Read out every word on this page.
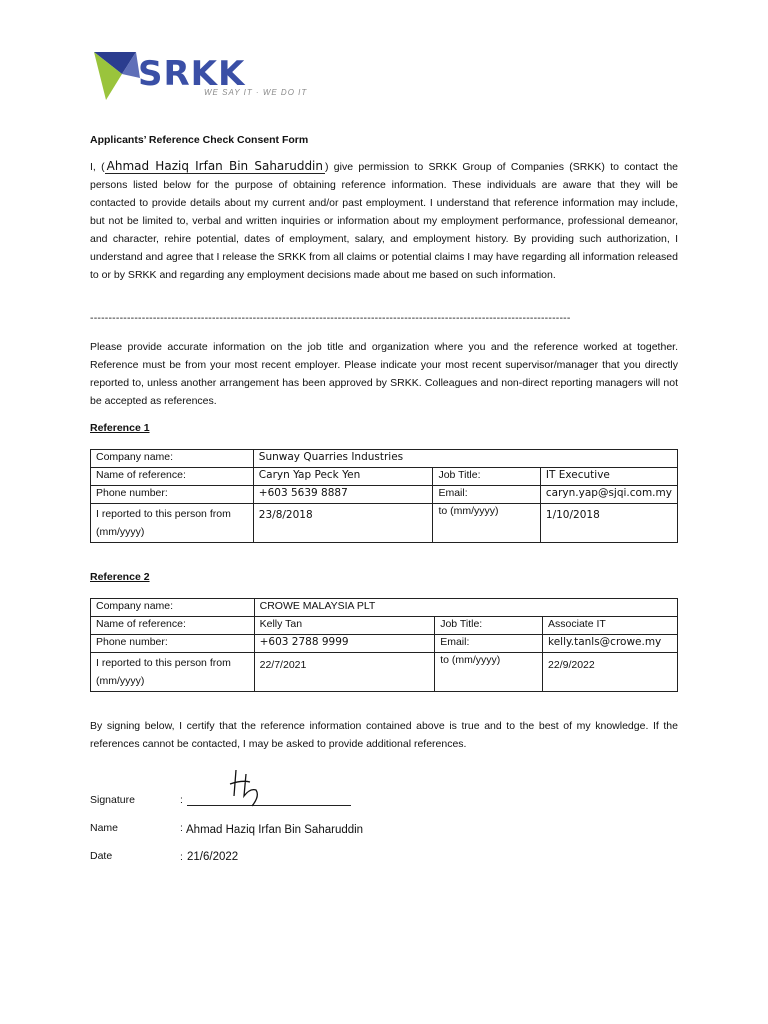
SRKK
WE SAY IT · WE DO IT
Applicants’ Reference Check Consent Form
I, ( Ahmad Haziq Irfan Bin Saharuddin ) give permission to SRKK Group of Companies (SRKK) to contact the persons listed below for the purpose of obtaining reference information. These individuals are aware that they will be contacted to provide details about my current and/or past employment. I understand that reference information may include, but not be limited to, verbal and written inquiries or information about my employment performance, professional demeanor, and character, rehire potential, dates of employment, salary, and employment history. By providing such authorization, I understand and agree that I release the SRKK from all claims or potential claims I may have regarding all information released to or by SRKK and regarding any employment decisions made about me based on such information.
----------------------------------------------------------------------------------------------------------------------------------
Please provide accurate information on the job title and organization where you and the reference worked at together. Reference must be from your most recent employer. Please indicate your most recent supervisor/manager that you directly reported to, unless another arrangement has been approved by SRKK. Colleagues and non-direct reporting managers will not be accepted as references.
Reference 1
Company name:	Sunway Quarries Industries		
Name of reference:	Caryn Yap Peck Yen	Job Title:	IT Executive
Phone number:	+603 5639 8887	Email:	caryn.yap@sjqi.com.my
I reported to this person from (mm/yyyy)	23/8/2018	to (mm/yyyy)	1/10/2018
Reference 2
Company name:	CROWE MALAYSIA PLT		
Name of reference:	Kelly Tan	Job Title:	Associate IT
Phone number:	+603 2788 9999	Email:	kelly.tanls@crowe.my
I reported to this person from (mm/yyyy)	22/7/2021	to (mm/yyyy)	22/9/2022
By signing below, I certify that the reference information contained above is true and to the best of my knowledge. If the references cannot be contacted, I may be asked to provide additional references.
Signature	:
Name	: Ahmad Haziq Irfan Bin Saharuddin
Date	: 21/6/2022
